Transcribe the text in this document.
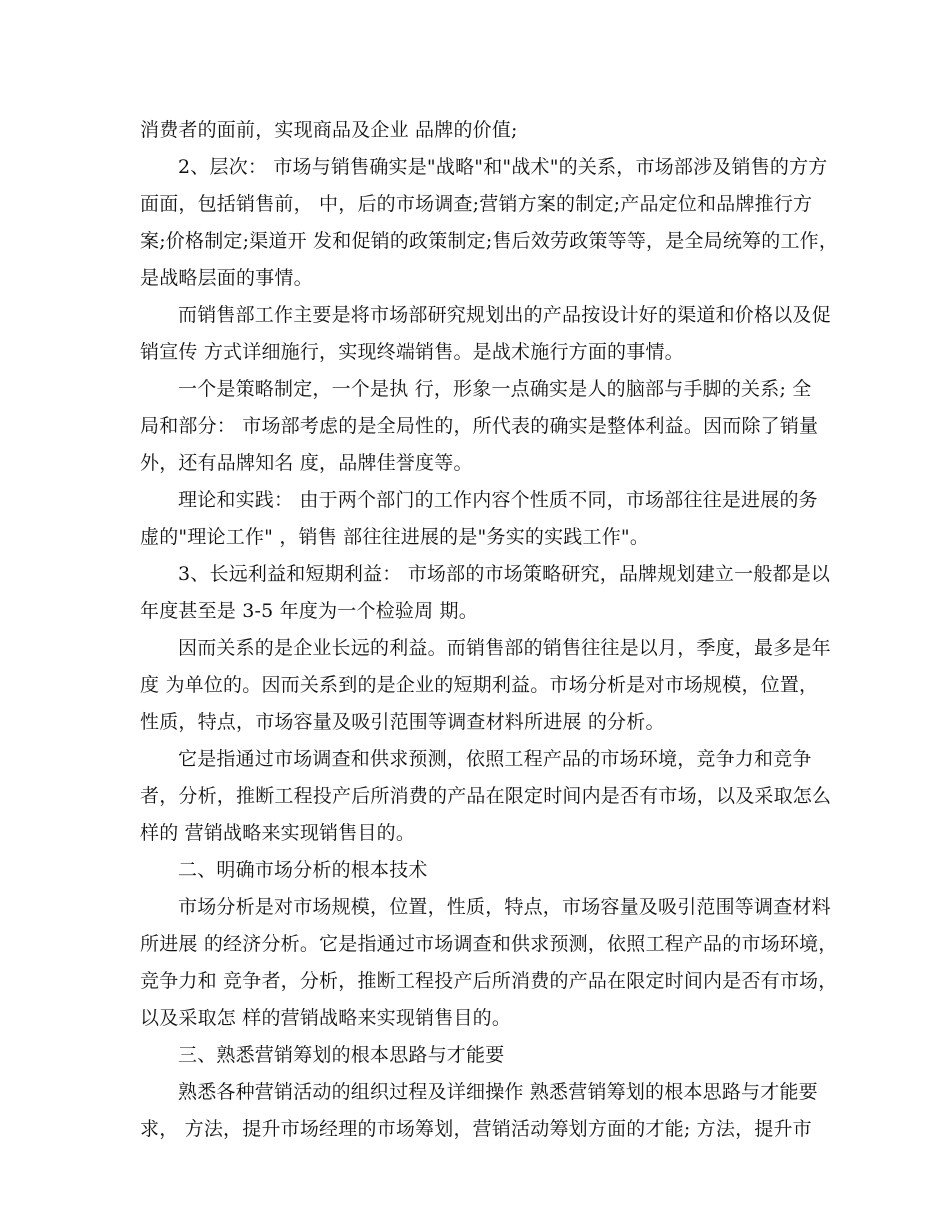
消费者的面前，实现商品及企业 品牌的价值;
2、层次： 市场与销售确实是"战略"和"战术"的关系，市场部涉及销售的方方
面面，包括销售前， 中，后的市场调查;营销方案的制定;产品定位和品牌推行方
案;价格制定;渠道开 发和促销的政策制定;售后效劳政策等等，是全局统筹的工作，
是战略层面的事情。
而销售部工作主要是将市场部研究规划出的产品按设计好的渠道和价格以及促
销宣传 方式详细施行，实现终端销售。是战术施行方面的事情。
一个是策略制定，一个是执 行，形象一点确实是人的脑部与手脚的关系; 全
局和部分： 市场部考虑的是全局性的，所代表的确实是整体利益。因而除了销量
外，还有品牌知名 度，品牌佳誉度等。
理论和实践： 由于两个部门的工作内容个性质不同，市场部往往是进展的务
虚的"理论工作" ，销售 部往往进展的是"务实的实践工作"。
3、长远利益和短期利益： 市场部的市场策略研究，品牌规划建立一般都是以
年度甚至是 3-5 年度为一个检验周 期。
因而关系的是企业长远的利益。而销售部的销售往往是以月，季度，最多是年
度 为单位的。因而关系到的是企业的短期利益。市场分析是对市场规模，位置，
性质，特点，市场容量及吸引范围等调查材料所进展 的分析。
它是指通过市场调查和供求预测，依照工程产品的市场环境，竞争力和竞争
者，分析，推断工程投产后所消费的产品在限定时间内是否有市场，以及采取怎么
样的 营销战略来实现销售目的。
二、明确市场分析的根本技术
市场分析是对市场规模，位置，性质，特点，市场容量及吸引范围等调查材料
所进展 的经济分析。它是指通过市场调查和供求预测，依照工程产品的市场环境，
竞争力和 竞争者，分析，推断工程投产后所消费的产品在限定时间内是否有市场，
以及采取怎 样的营销战略来实现销售目的。
三、熟悉营销筹划的根本思路与才能要
熟悉各种营销活动的组织过程及详细操作 熟悉营销筹划的根本思路与才能要
求， 方法，提升市场经理的市场筹划，营销活动筹划方面的才能; 方法，提升市
